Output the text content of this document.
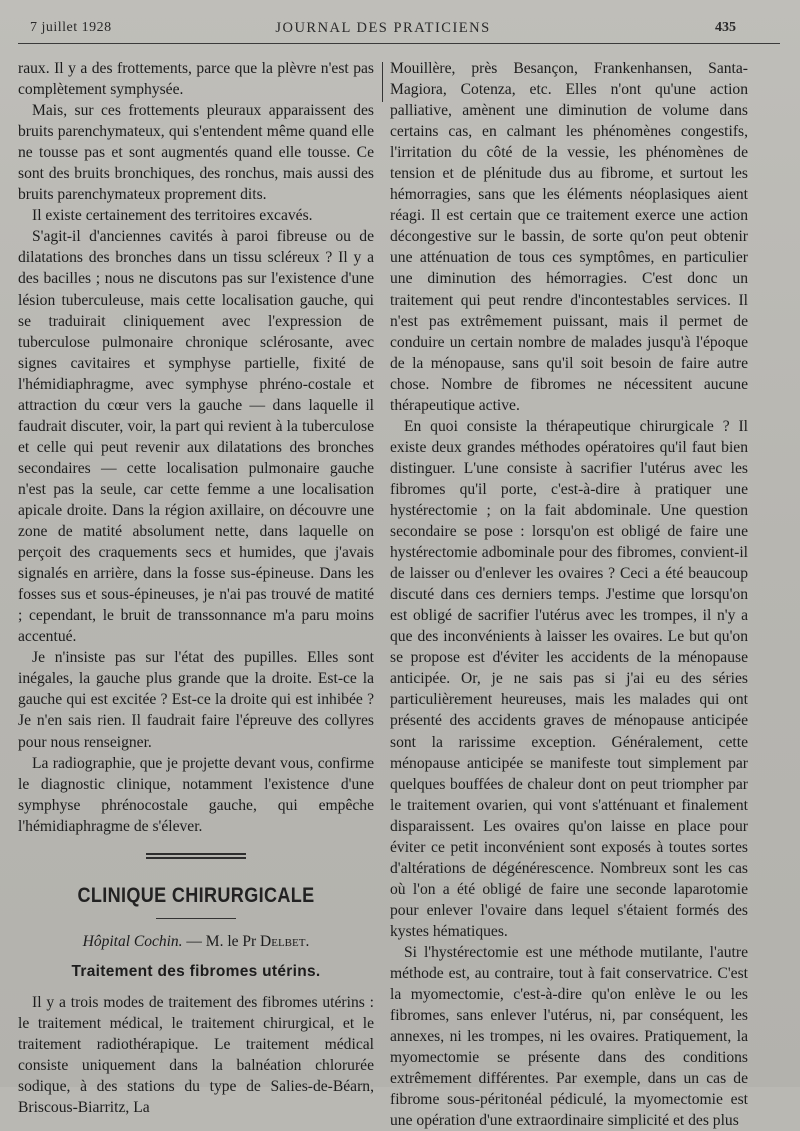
7 juillet 1928	JOURNAL DES PRATICIENS	435

raux. Il y a des frottements, parce que la plèvre n'est pas complètement symphysée.

Mais, sur ces frottements pleuraux apparaissent des bruits parenchymateux, qui s'entendent même quand elle ne tousse pas et sont augmentés quand elle tousse. Ce sont des bruits bronchiques, des ronchus, mais aussi des bruits parenchymateux proprement dits.

Il existe certainement des territoires excavés.

S'agit-il d'anciennes cavités à paroi fibreuse ou de dilatations des bronches dans un tissu scléreux ? Il y a des bacilles ; nous ne discutons pas sur l'existence d'une lésion tuberculeuse, mais cette localisation gauche, qui se traduirait cliniquement avec l'expression de tuberculose pulmonaire chronique sclérosante, avec signes cavitaires et symphyse partielle, fixité de l'hémidiaphragme, avec symphyse phréno-costale et attraction du cœur vers la gauche — dans laquelle il faudrait discuter, voir, la part qui revient à la tuberculose et celle qui peut revenir aux dilatations des bronches secondaires — cette localisation pulmonaire gauche n'est pas la seule, car cette femme a une localisation apicale droite. Dans la région axillaire, on découvre une zone de matité absolument nette, dans laquelle on perçoit des craquements secs et humides, que j'avais signalés en arrière, dans la fosse sus-épineuse. Dans les fosses sus et sous-épineuses, je n'ai pas trouvé de matité ; cependant, le bruit de transsonnance m'a paru moins accentué.

Je n'insiste pas sur l'état des pupilles. Elles sont inégales, la gauche plus grande que la droite. Est-ce la gauche qui est excitée ? Est-ce la droite qui est inhibée ? Je n'en sais rien. Il faudrait faire l'épreuve des collyres pour nous renseigner.

La radiographie, que je projette devant vous, confirme le diagnostic clinique, notamment l'existence d'une symphyse phrénocostale gauche, qui empêche l'hémidiaphragme de s'élever.

CLINIQUE CHIRURGICALE
Hôpital Cochin. — M. le Pr Delbet.
Traitement des fibromes utérins.

Il y a trois modes de traitement des fibromes utérins : le traitement médical, le traitement chirurgical, et le traitement radiothérapique. Le traitement médical consiste uniquement dans la balnéation chlorurée sodique, à des stations du type de Salies-de-Béarn, Briscous-Biarritz, La

Mouillère, près Besançon, Frankenhansen, Santa-Magiora, Cotenza, etc. Elles n'ont qu'une action palliative, amènent une diminution de volume dans certains cas, en calmant les phénomènes congestifs, l'irritation du côté de la vessie, les phénomènes de tension et de plénitude dus au fibrome, et surtout les hémorragies, sans que les éléments néoplasiques aient réagi. Il est certain que ce traitement exerce une action décongestive sur le bassin, de sorte qu'on peut obtenir une atténuation de tous ces symptômes, en particulier une diminution des hémorragies. C'est donc un traitement qui peut rendre d'incontestables services. Il n'est pas extrêmement puissant, mais il permet de conduire un certain nombre de malades jusqu'à l'époque de la ménopause, sans qu'il soit besoin de faire autre chose. Nombre de fibromes ne nécessitent aucune thérapeutique active.

En quoi consiste la thérapeutique chirurgicale ? Il existe deux grandes méthodes opératoires qu'il faut bien distinguer. L'une consiste à sacrifier l'utérus avec les fibromes qu'il porte, c'est-à-dire à pratiquer une hystérectomie ; on la fait abdominale. Une question secondaire se pose : lorsqu'on est obligé de faire une hystérectomie adbominale pour des fibromes, convient-il de laisser ou d'enlever les ovaires ? Ceci a été beaucoup discuté dans ces derniers temps. J'estime que lorsqu'on est obligé de sacrifier l'utérus avec les trompes, il n'y a que des inconvénients à laisser les ovaires. Le but qu'on se propose est d'éviter les accidents de la ménopause anticipée. Or, je ne sais pas si j'ai eu des séries particulièrement heureuses, mais les malades qui ont présenté des accidents graves de ménopause anticipée sont la rarissime exception. Généralement, cette ménopause anticipée se manifeste tout simplement par quelques bouffées de chaleur dont on peut triompher par le traitement ovarien, qui vont s'atténuant et finalement disparaissent. Les ovaires qu'on laisse en place pour éviter ce petit inconvénient sont exposés à toutes sortes d'altérations de dégénérescence. Nombreux sont les cas où l'on a été obligé de faire une seconde laparotomie pour enlever l'ovaire dans lequel s'étaient formés des kystes hématiques.

Si l'hystérectomie est une méthode mutilante, l'autre méthode est, au contraire, tout à fait conservatrice. C'est la myomectomie, c'est-à-dire qu'on enlève le ou les fibromes, sans enlever l'utérus, ni, par conséquent, les annexes, ni les trompes, ni les ovaires. Pratiquement, la myomectomie se présente dans des conditions extrêmement différentes. Par exemple, dans un cas de fibrome sous-péritonéal pédiculé, la myomectomie est une opération d'une extraordinaire simplicité et des plus
